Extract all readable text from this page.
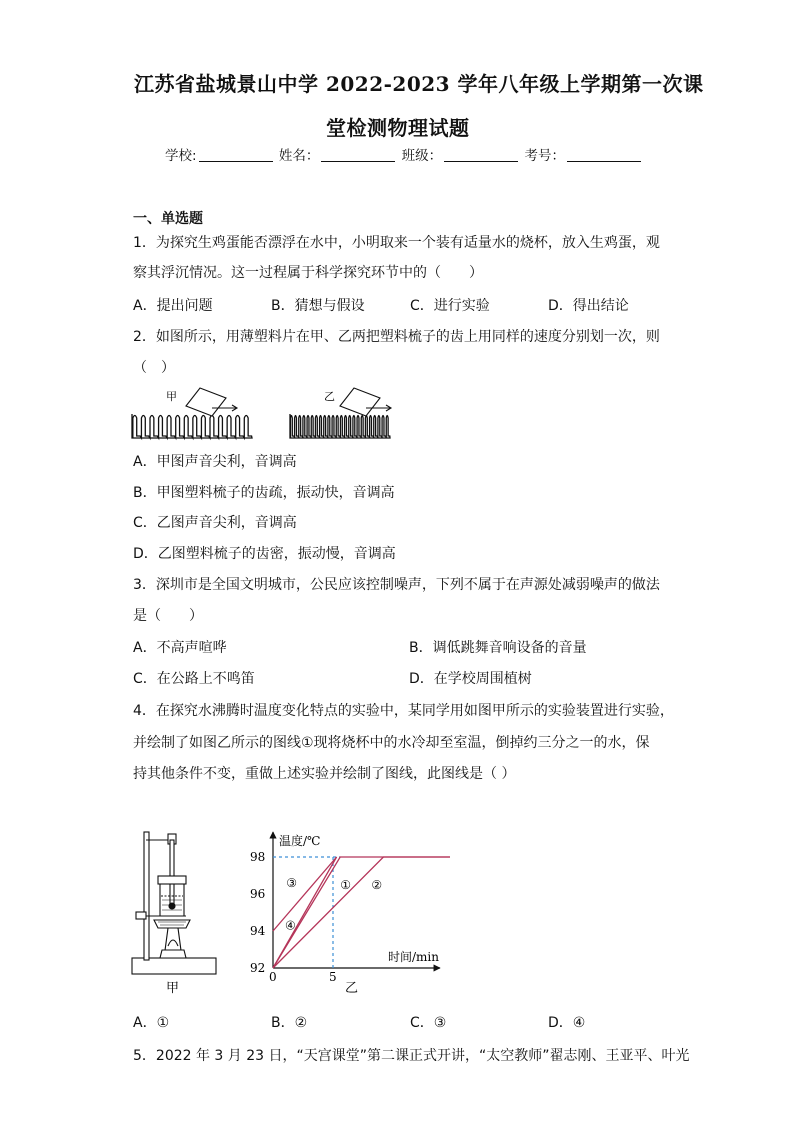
江苏省盐城景山中学 2022-2023 学年八年级上学期第一次课
堂检测物理试题
学校:	姓名：	班级：	考号：
一、单选题
1．为探究生鸡蛋能否漂浮在水中，小明取来一个装有适量水的烧杯，放入生鸡蛋，观
察其浮沉情况。这一过程属于科学探究环节中的（　　）
A．提出问题	B．猜想与假设	C．进行实验	D．得出结论
2．如图所示，用薄塑料片在甲、乙两把塑料梳子的齿上用同样的速度分别划一次，则
（　）
甲	乙
A．甲图声音尖利，音调高
B．甲图塑料梳子的齿疏，振动快，音调高
C．乙图声音尖利，音调高
D．乙图塑料梳子的齿密，振动慢，音调高
3．深圳市是全国文明城市，公民应该控制噪声，下列不属于在声源处减弱噪声的做法
是（　　）
A．不高声喧哗	B．调低跳舞音响设备的音量
C．在公路上不鸣笛	D．在学校周围植树
4．在探究水沸腾时温度变化特点的实验中，某同学用如图甲所示的实验装置进行实验，
并绘制了如图乙所示的图线①现将烧杯中的水冷却至室温，倒掉约三分之一的水，保
持其他条件不变，重做上述实验并绘制了图线，此图线是（ ）
甲
温度/℃
时间/min
92
94
96
98
0	5
① ②
③
④
乙
A．①	B．②	C．③	D．④
5．2022 年 3 月 23 日，“天宫课堂”第二课正式开讲，“太空教师”翟志刚、王亚平、叶光
